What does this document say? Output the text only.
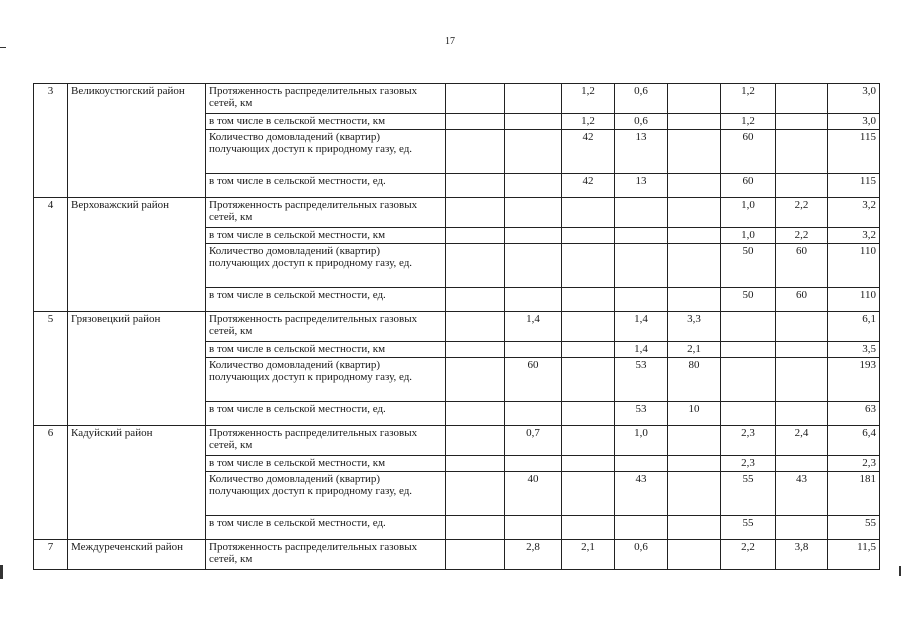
17
3	Великоустюгский район	Протяженность распределительных газовых сетей, км			1,2	0,6		1,2		3,0
		в том числе в сельской местности, км			1,2	0,6		1,2		3,0
		Количество домовладений (квартир) получающих доступ к природному газу, ед.			42	13		60		115
		в том числе в сельской местности, ед.			42	13		60		115
4	Верховажский район	Протяженность распределительных газовых сетей, км						1,0	2,2	3,2
		в том числе в сельской местности, км						1,0	2,2	3,2
		Количество домовладений (квартир) получающих доступ к природному газу, ед.						50	60	110
		в том числе в сельской местности, ед.						50	60	110
5	Грязовецкий район	Протяженность распределительных газовых сетей, км		1,4		1,4	3,3			6,1
		в том числе в сельской местности, км				1,4	2,1			3,5
		Количество домовладений (квартир) получающих доступ к природному газу, ед.		60		53	80			193
		в том числе в сельской местности, ед.				53	10			63
6	Кадуйский район	Протяженность распределительных газовых сетей, км		0,7		1,0		2,3	2,4	6,4
		в том числе в сельской местности, км						2,3		2,3
		Количество домовладений (квартир) получающих доступ к природному газу, ед.		40		43		55	43	181
		в том числе в сельской местности, ед.						55		55
7	Междуреченский район	Протяженность распределительных газовых сетей, км		2,8	2,1	0,6		2,2	3,8	11,5
